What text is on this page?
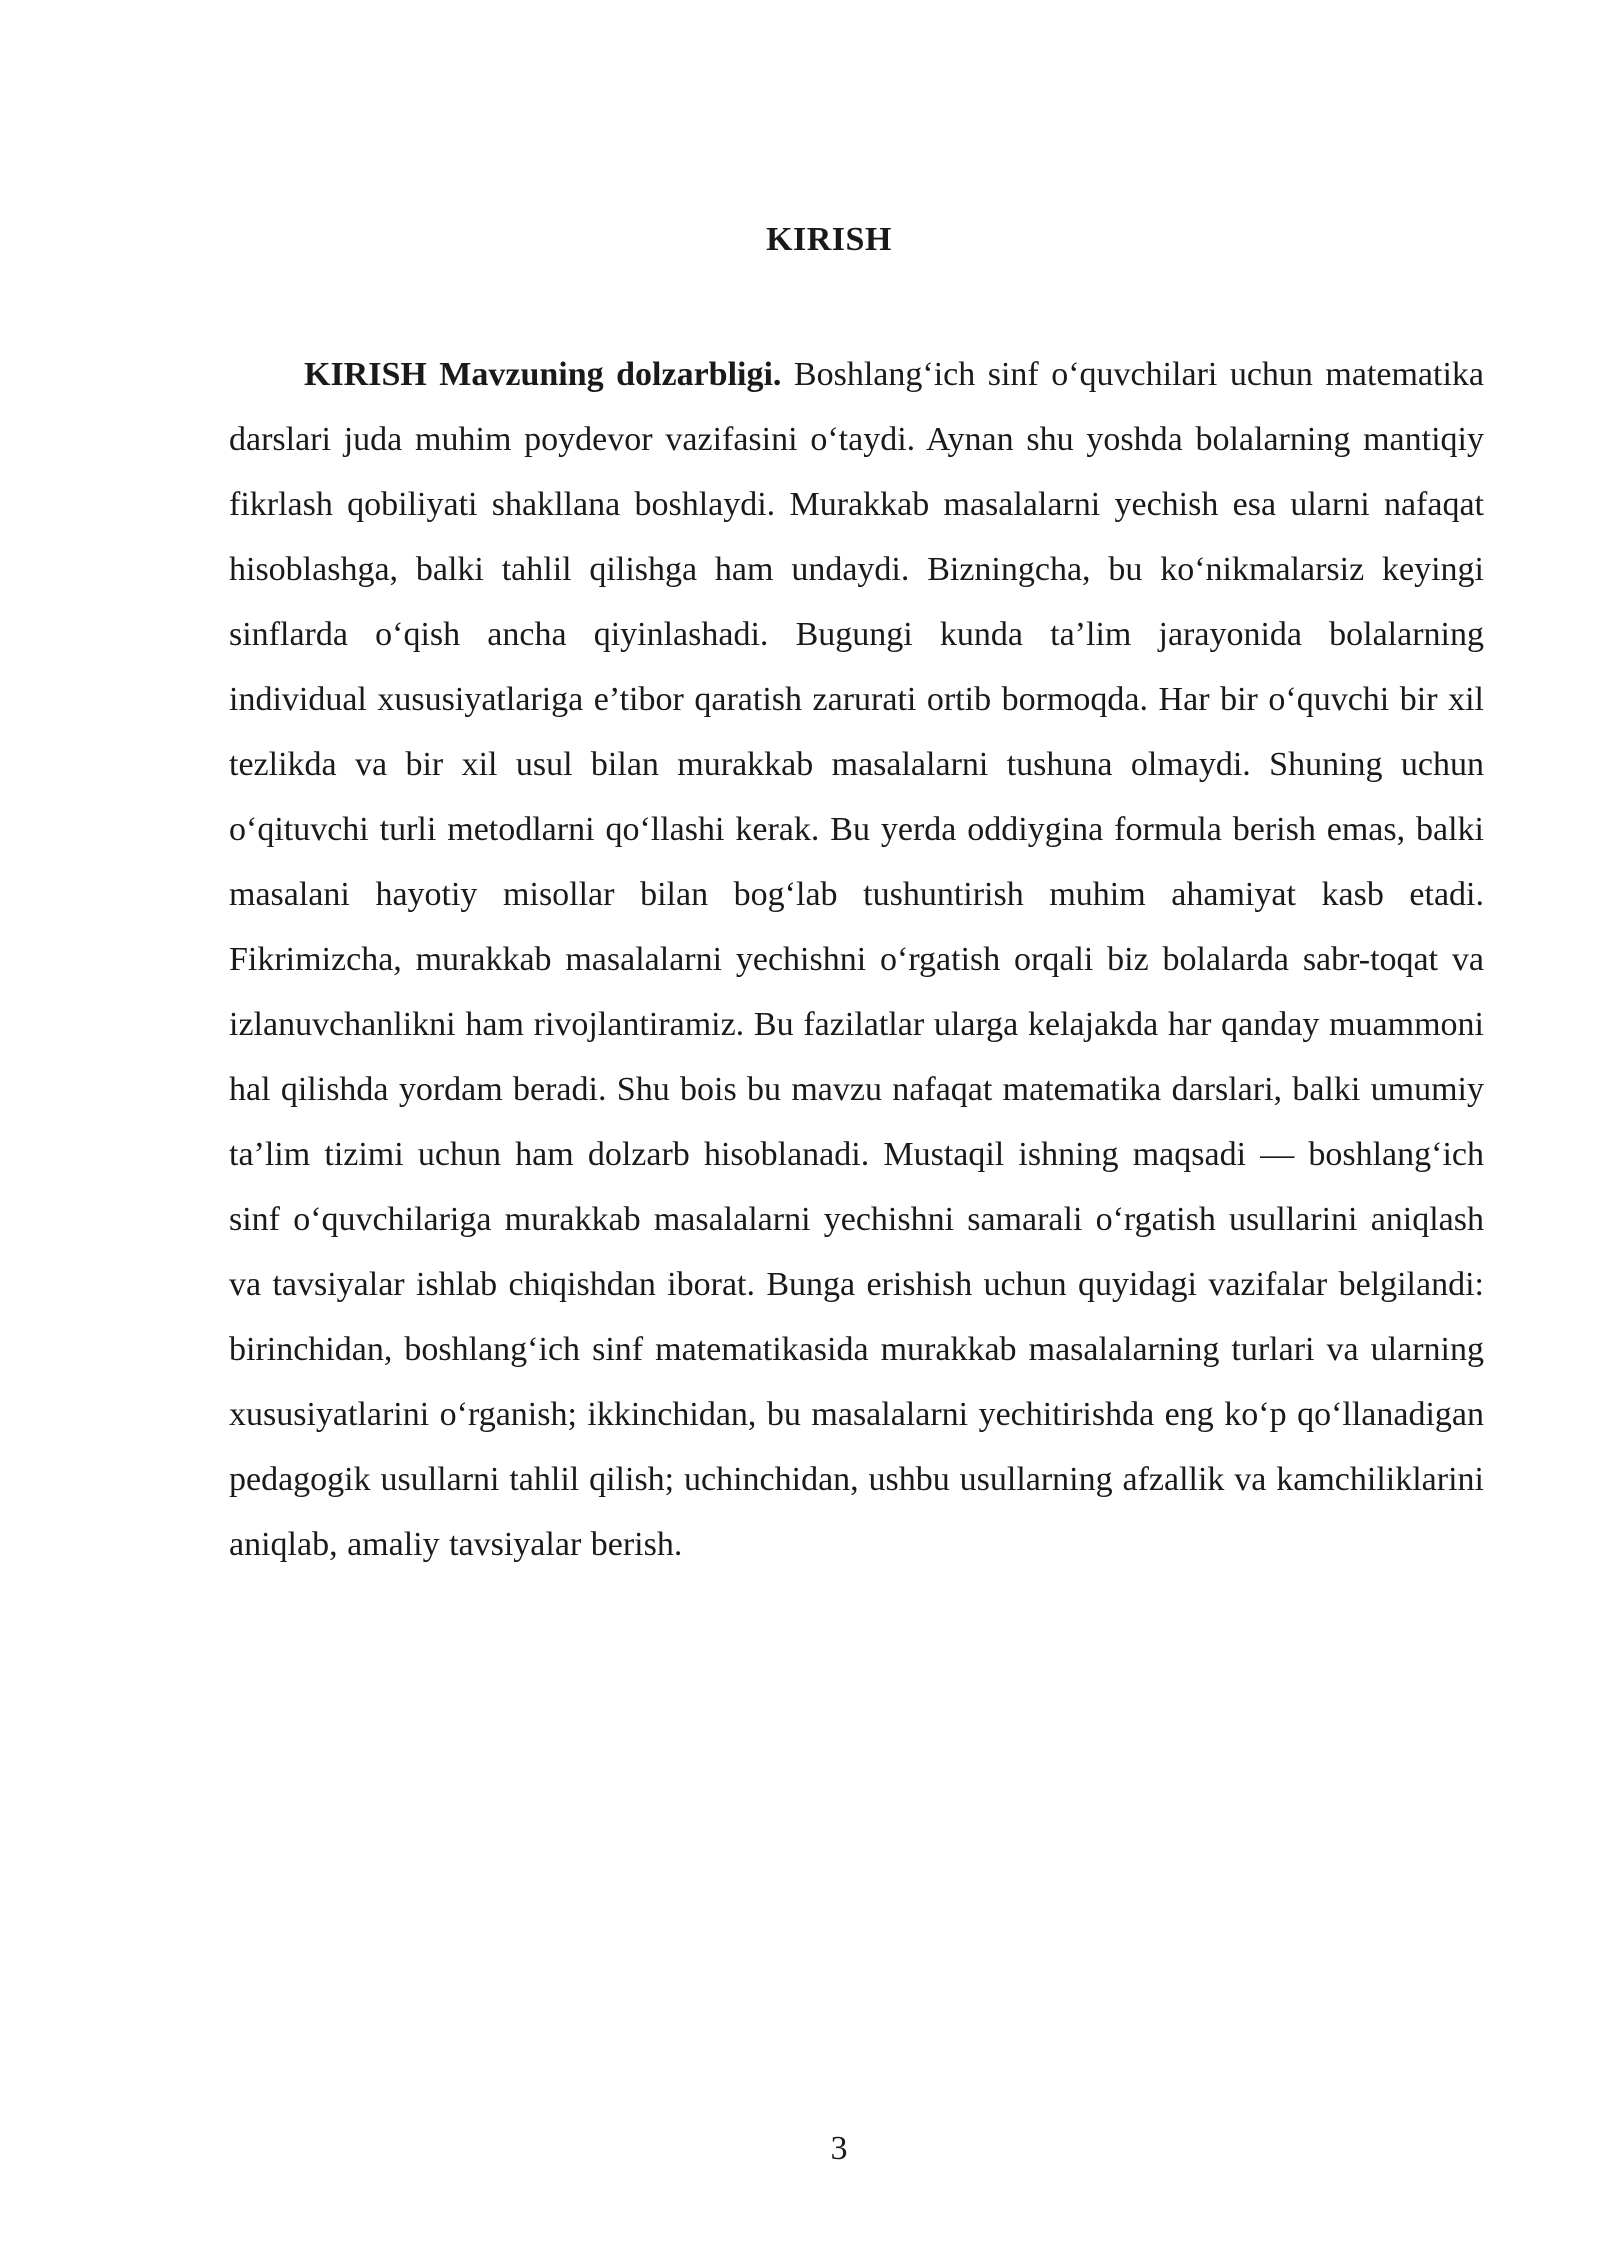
KIRISH

KIRISH Mavzuning dolzarbligi. Boshlang‘ich sinf o‘quvchilari uchun matematika darslari juda muhim poydevor vazifasini o‘taydi. Aynan shu yoshda bolalarning mantiqiy fikrlash qobiliyati shakllana boshlaydi. Murakkab masalalarni yechish esa ularni nafaqat hisoblashga, balki tahlil qilishga ham undaydi. Bizningcha, bu ko‘nikmalarsiz keyingi sinflarda o‘qish ancha qiyinlashadi. Bugungi kunda ta’lim jarayonida bolalarning individual xususiyatlariga e’tibor qaratish zarurati ortib bormoqda. Har bir o‘quvchi bir xil tezlikda va bir xil usul bilan murakkab masalalarni tushuna olmaydi. Shuning uchun o‘qituvchi turli metodlarni qo‘llashi kerak. Bu yerda oddiygina formula berish emas, balki masalani hayotiy misollar bilan bog‘lab tushuntirish muhim ahamiyat kasb etadi. Fikrimizcha, murakkab masalalarni yechishni o‘rgatish orqali biz bolalarda sabr-toqat va izlanuvchanlikni ham rivojlantiramiz. Bu fazilatlar ularga kelajakda har qanday muammoni hal qilishda yordam beradi. Shu bois bu mavzu nafaqat matematika darslari, balki umumiy ta’lim tizimi uchun ham dolzarb hisoblanadi. Mustaqil ishning maqsadi — boshlang‘ich sinf o‘quvchilariga murakkab masalalarni yechishni samarali o‘rgatish usullarini aniqlash va tavsiyalar ishlab chiqishdan iborat. Bunga erishish uchun quyidagi vazifalar belgilandi: birinchidan, boshlang‘ich sinf matematikasida murakkab masalalarning turlari va ularning xususiyatlarini o‘rganish; ikkinchidan, bu masalalarni yechitirishda eng ko‘p qo‘llanadigan pedagogik usullarni tahlil qilish; uchinchidan, ushbu usullarning afzallik va kamchiliklarini aniqlab, amaliy tavsiyalar berish.

3
